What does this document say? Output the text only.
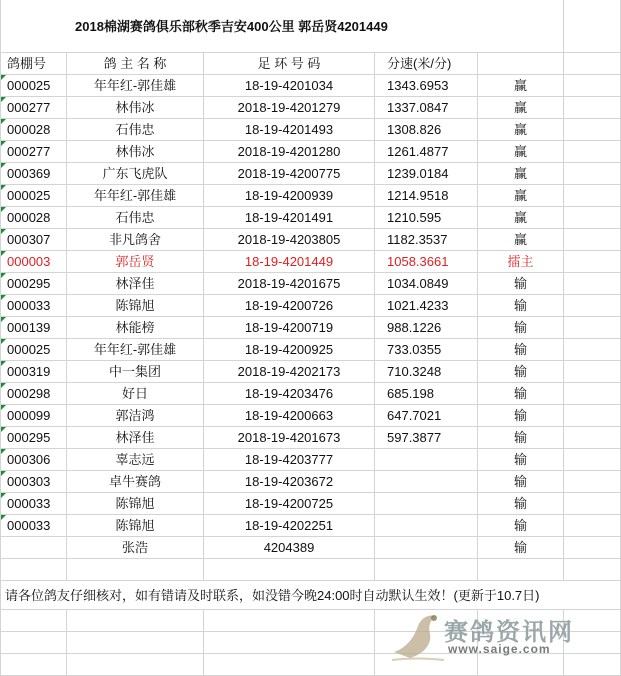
2018棉湖赛鸽俱乐部秋季吉安400公里 郭岳贤4201449					
鸽棚号	鸽 主 名 称	足 环 号 码	分速(米/分)		
000025	年年红-郭佳雄	18-19-4201034	1343.6953	赢	
000277	林伟冰	2018-19-4201279	1337.0847	赢	
000028	石伟忠	18-19-4201493	1308.826	赢	
000277	林伟冰	2018-19-4201280	1261.4877	赢	
000369	广东飞虎队	2018-19-4200775	1239.0184	赢	
000025	年年红-郭佳雄	18-19-4200939	1214.9518	赢	
000028	石伟忠	18-19-4201491	1210.595	赢	
000307	非凡鸽舍	2018-19-4203805	1182.3537	赢	
000003	郭岳贤	18-19-4201449	1058.3661	擂主	
000295	林泽佳	2018-19-4201675	1034.0849	输	
000033	陈锦旭	18-19-4200726	1021.4233	输	
000139	林能榜	18-19-4200719	988.1226	输	
000025	年年红-郭佳雄	18-19-4200925	733.0355	输	
000319	中一集团	2018-19-4202173	710.3248	输	
000298	好日	18-19-4203476	685.198	输	
000099	郭洁鸿	18-19-4200663	647.7021	输	
000295	林泽佳	2018-19-4201673	597.3877	输	
000306	辜志远	18-19-4203777		输	
000303	卓牛赛鸽	18-19-4203672		输	
000033	陈锦旭	18-19-4200725		输	
000033	陈锦旭	18-19-4202251		输	
	张浩	4204389		输	

请各位鸽友仔细核对，如有错请及时联系，如没错今晚24:00时自动默认生效！(更新于10.7日)					

赛鸽资讯网
www.saige.com
